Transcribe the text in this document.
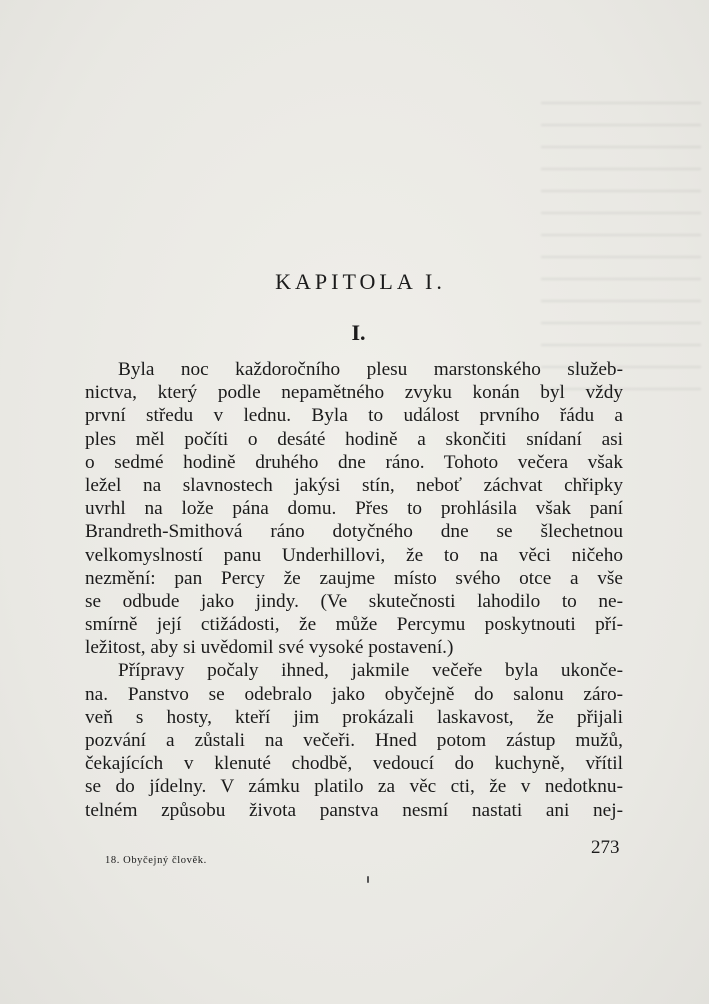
KAPITOLA I.
I.
Byla noc každoročního plesu marstonského služeb-
nictva, který podle nepamětného zvyku konán byl vždy
první středu v lednu. Byla to událost prvního řádu a
ples měl počíti o desáté hodině a skončiti snídaní asi
o sedmé hodině druhého dne ráno. Tohoto večera však
ležel na slavnostech jakýsi stín, neboť záchvat chřipky
uvrhl na lože pána domu. Přes to prohlásila však paní
Brandreth-Smithová ráno dotyčného dne se šlechetnou
velkomyslností panu Underhillovi, že to na věci ničeho
nezmění: pan Percy že zaujme místo svého otce a vše
se odbude jako jindy. (Ve skutečnosti lahodilo to ne-
smírně její ctižádosti, že může Percymu poskytnouti pří-
ležitost, aby si uvědomil své vysoké postavení.)
Přípravy počaly ihned, jakmile večeře byla ukonče-
na. Panstvo se odebralo jako obyčejně do salonu záro-
veň s hosty, kteří jim prokázali laskavost, že přijali
pozvání a zůstali na večeři. Hned potom zástup mužů,
čekajících v klenuté chodbě, vedoucí do kuchyně, vřítil
se do jídelny. V zámku platilo za věc cti, že v nedotknu-
telném způsobu života panstva nesmí nastati ani nej-
18. Obyčejný člověk.
273
